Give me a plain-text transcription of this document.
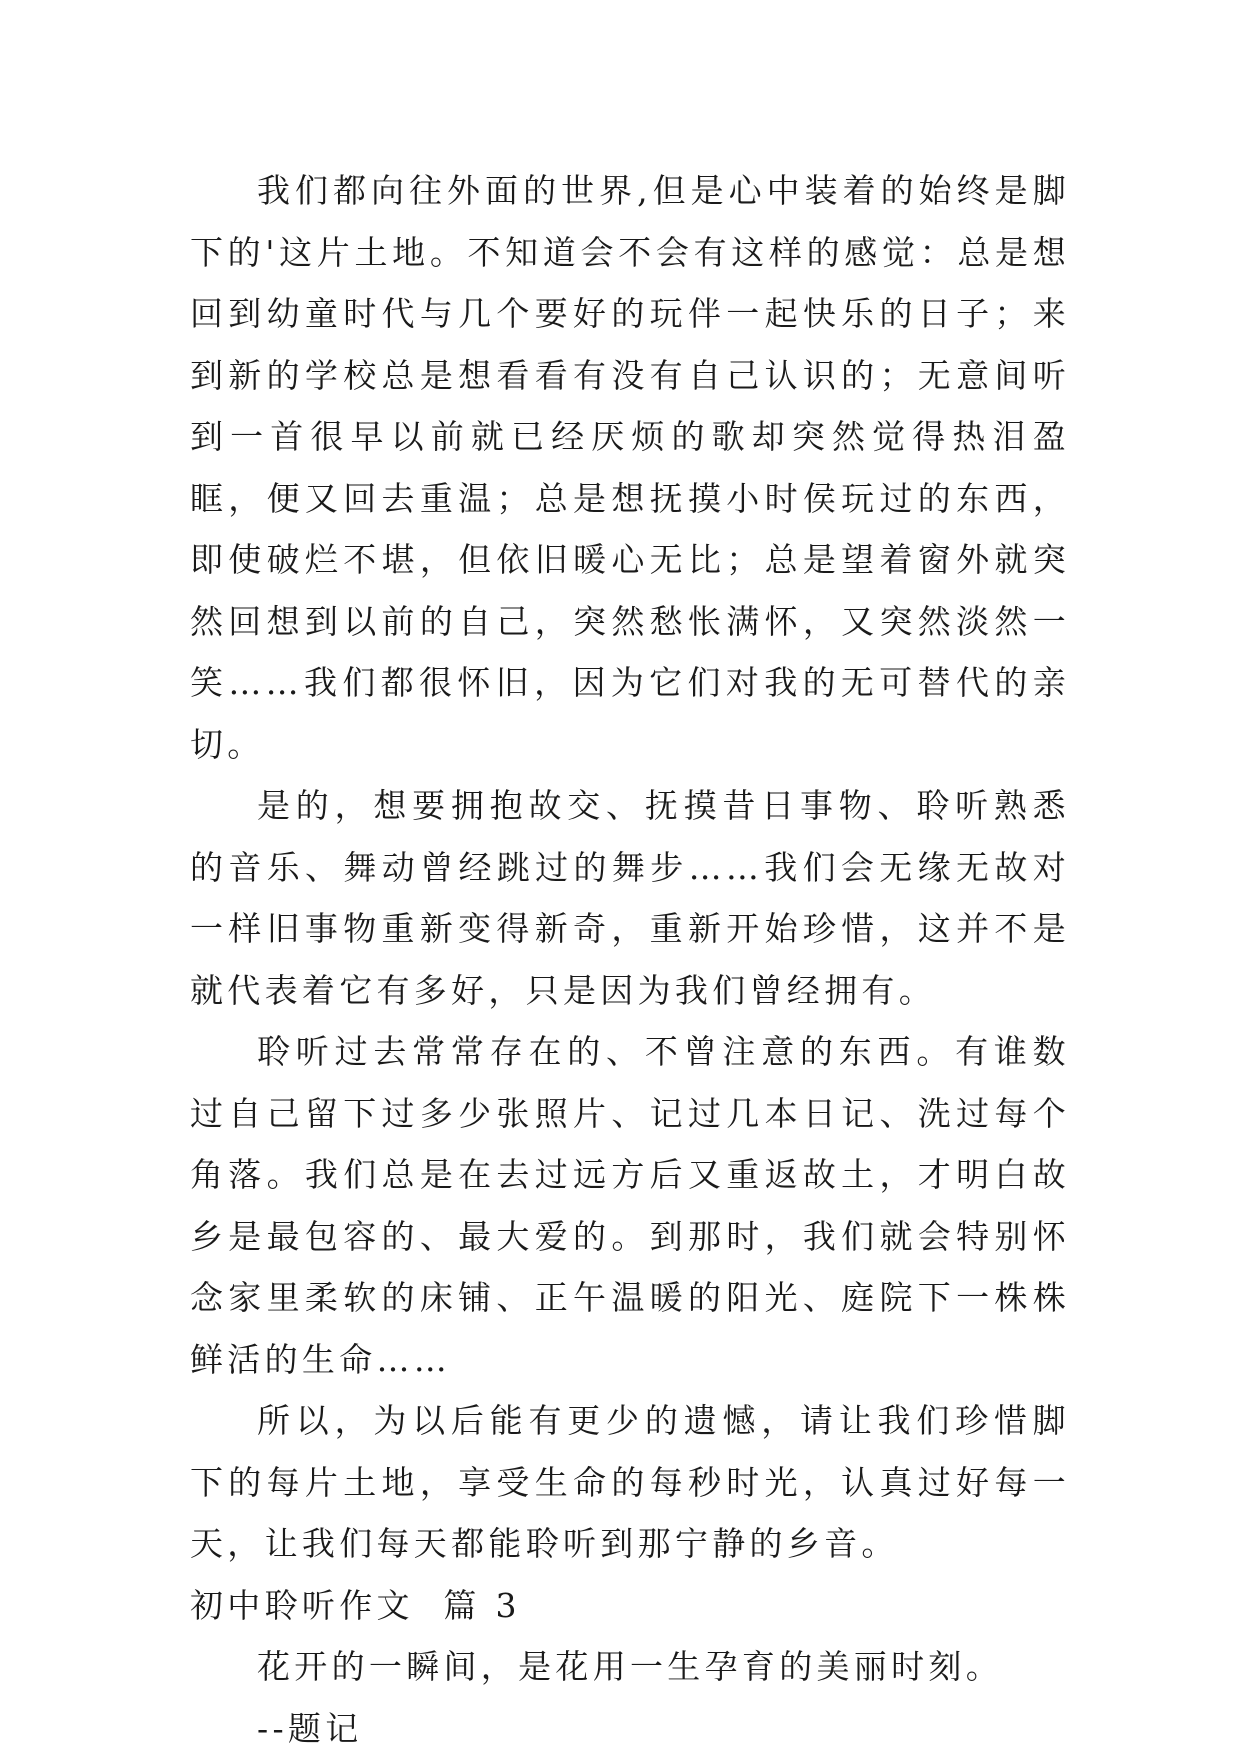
我们都向往外面的世界,但是心中装着的始终是脚下的'这片土地。不知道会不会有这样的感觉：总是想回到幼童时代与几个要好的玩伴一起快乐的日子；来到新的学校总是想看看有没有自己认识的；无意间听到一首很早以前就已经厌烦的歌却突然觉得热泪盈眶，便又回去重温；总是想抚摸小时侯玩过的东西，即使破烂不堪，但依旧暖心无比；总是望着窗外就突然回想到以前的自己，突然愁怅满怀，又突然淡然一笑……我们都很怀旧，因为它们对我的无可替代的亲切。

是的，想要拥抱故交、抚摸昔日事物、聆听熟悉的音乐、舞动曾经跳过的舞步……我们会无缘无故对一样旧事物重新变得新奇，重新开始珍惜，这并不是就代表着它有多好，只是因为我们曾经拥有。

聆听过去常常存在的、不曾注意的东西。有谁数过自己留下过多少张照片、记过几本日记、洗过每个角落。我们总是在去过远方后又重返故土，才明白故乡是最包容的、最大爱的。到那时，我们就会特别怀念家里柔软的床铺、正午温暖的阳光、庭院下一株株鲜活的生命……

所以，为以后能有更少的遗憾，请让我们珍惜脚下的每片土地，享受生命的每秒时光，认真过好每一天，让我们每天都能聆听到那宁静的乡音。

初中聆听作文  篇 3

花开的一瞬间，是花用一生孕育的美丽时刻。

--题记
